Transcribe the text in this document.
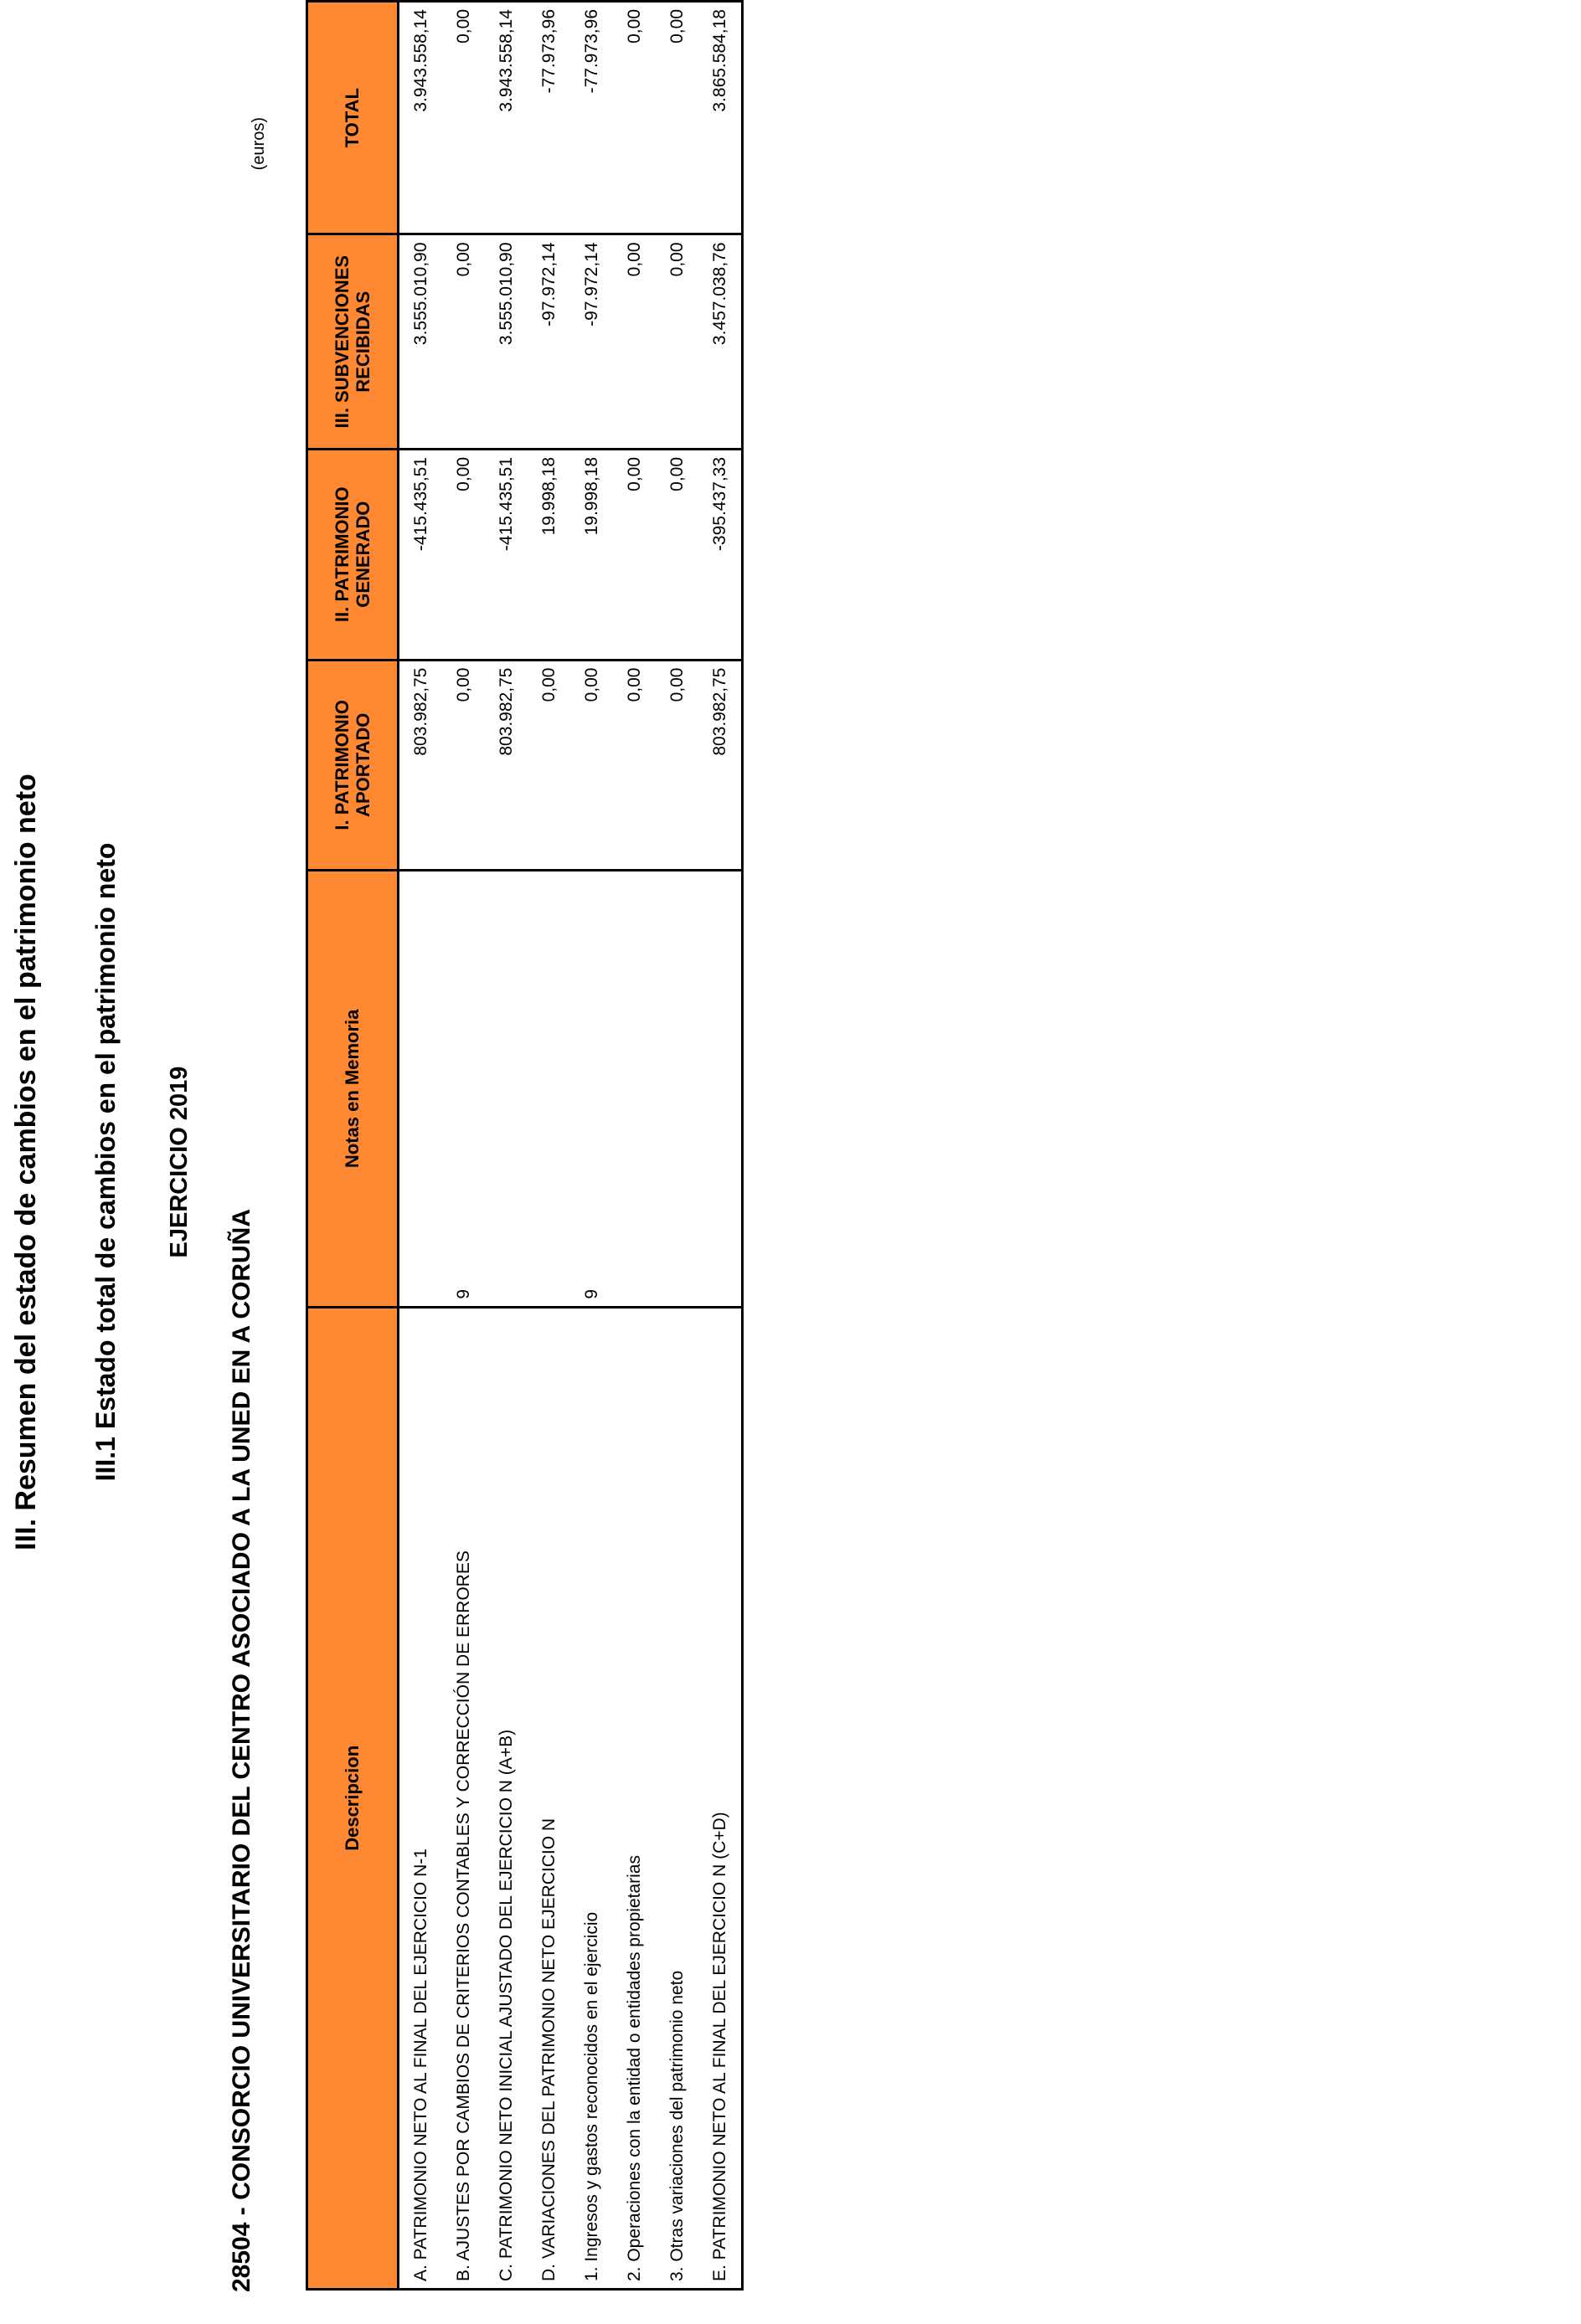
III. Resumen del estado de cambios en el patrimonio neto III.1 Estado total de cambios en el patrimonio neto EJERCICIO 2019
28504 - CONSORCIO UNIVERSITARIO DEL CENTRO ASOCIADO A LA UNED EN A CORUÑA
(euros)
Descripcion	Notas en Memoria	I. PATRIMONIO APORTADO	II. PATRIMONIO GENERADO	III. SUBVENCIONES RECIBIDAS	TOTAL
A. PATRIMONIO NETO AL FINAL DEL EJERCICIO N-1		803.982,75	-415.435,51	3.555.010,90	3.943.558,14
B. AJUSTES POR CAMBIOS DE CRITERIOS CONTABLES Y CORRECCIÓN DE ERRORES	9	0,00	0,00	0,00	0,00
C. PATRIMONIO NETO INICIAL AJUSTADO DEL EJERCICIO N (A+B)		803.982,75	-415.435,51	3.555.010,90	3.943.558,14
D. VARIACIONES DEL PATRIMONIO NETO EJERCICIO N		0,00	19.998,18	-97.972,14	-77.973,96
1. Ingresos y gastos reconocidos en el ejercicio	9	0,00	19.998,18	-97.972,14	-77.973,96
2. Operaciones con la entidad o entidades propietarias		0,00	0,00	0,00	0,00
3. Otras variaciones del patrimonio neto		0,00	0,00	0,00	0,00
E. PATRIMONIO NETO AL FINAL DEL EJERCICIO N (C+D)		803.982,75	-395.437,33	3.457.038,76	3.865.584,18
